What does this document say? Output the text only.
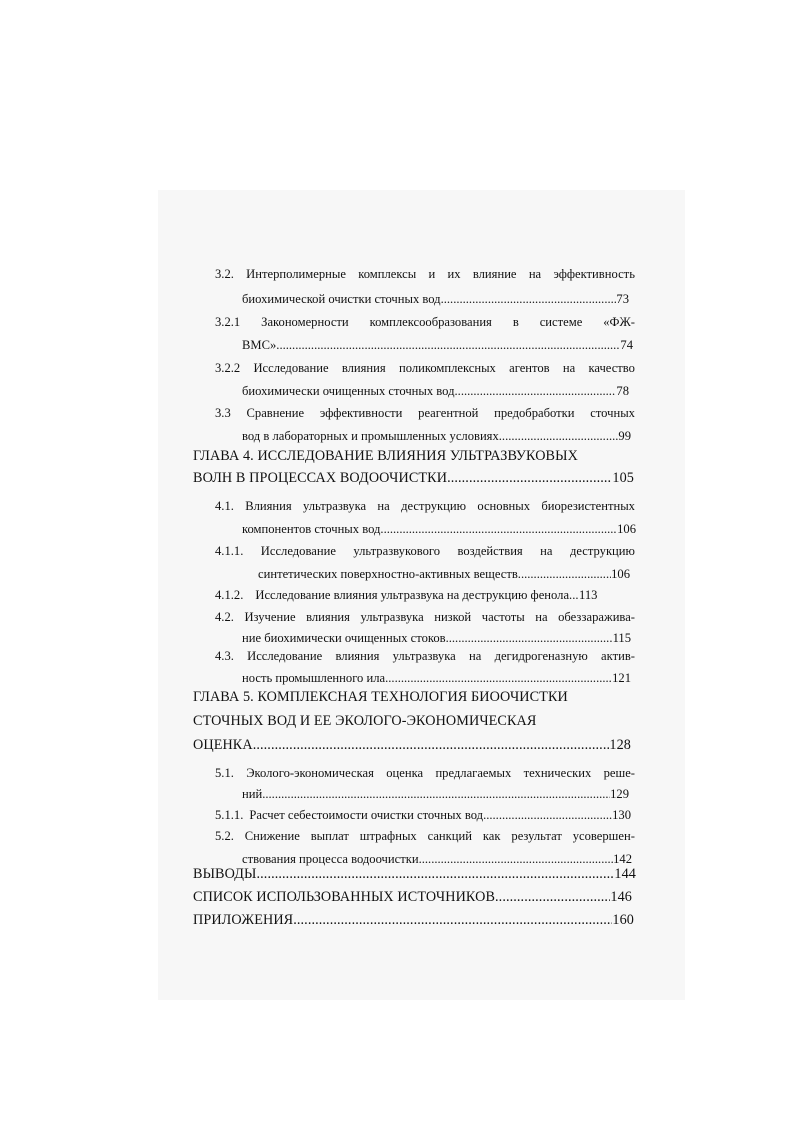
3.2. Интерполимерные комплексы и их влияние на эффективность
биохимической очистки сточных вод .....	73
3.2.1 Закономерности комплексообразования в системе «ФЖ-
ВМС» .....	74
3.2.2 Исследование влияния поликомплексных агентов на качество
биохимически очищенных сточных вод .....	78
3.3 Сравнение эффективности реагентной предобработки сточных
вод в лабораторных и промышленных условиях .....	99
ГЛАВА 4. ИССЛЕДОВАНИЕ ВЛИЯНИЯ УЛЬТРАЗВУКОВЫХ
ВОЛН В ПРОЦЕССАХ ВОДООЧИСТКИ .....	105
4.1. Влияния ультразвука на деструкцию основных биорезистентных
компонентов сточных вод .....	106
4.1.1. Исследование ультразвукового воздействия на деструкцию
синтетических поверхностно-активных веществ .....	106
4.1.2. Исследование влияния ультразвука на деструкцию фенола ..... 113
4.2. Изучение влияния ультразвука низкой частоты на обеззаражива-
ние биохимически очищенных стоков .....	115
4.3. Исследование влияния ультразвука на дегидрогеназную актив-
ность промышленного ила .....	121
ГЛАВА 5. КОМПЛЕКСНАЯ ТЕХНОЛОГИЯ БИООЧИСТКИ
СТОЧНЫХ ВОД И ЕЕ ЭКОЛОГО-ЭКОНОМИЧЕСКАЯ
ОЦЕНКА .....	128
5.1. Эколого-экономическая оценка предлагаемых технических реше-
ний .....	129
5.1.1. Расчет себестоимости очистки сточных вод .....	130
5.2. Снижение выплат штрафных санкций как результат усовершен-
ствования процесса водоочистки .....	142
ВЫВОДЫ .....	144
СПИСОК ИСПОЛЬЗОВАННЫХ ИСТОЧНИКОВ .....	146
ПРИЛОЖЕНИЯ .....	160
